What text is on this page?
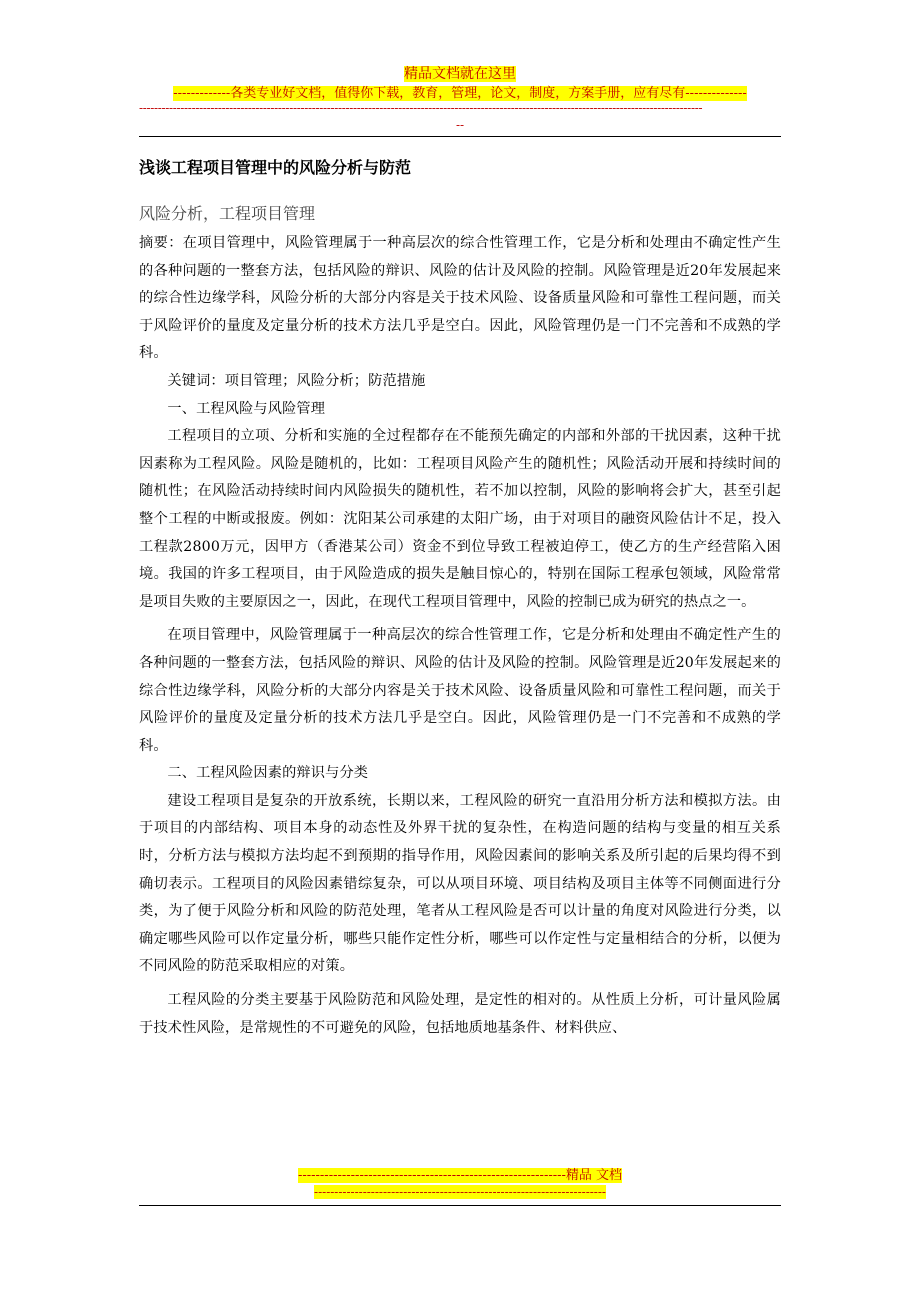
精品文档就在这里
-------------各类专业好文档，值得你下载，教育，管理，论文，制度，方案手册，应有尽有--------------
------------------------------------------------------------------------------------------------------------------------------------------------------
--
浅谈工程项目管理中的风险分析与防范
风险分析，工程项目管理

摘要：在项目管理中，风险管理属于一种高层次的综合性管理工作，它是分析和处理由不确定性产生的各种问题的一整套方法，包括风险的辩识、风险的估计及风险的控制。风险管理是近20年发展起来的综合性边缘学科，风险分析的大部分内容是关于技术风险、设备质量风险和可靠性工程问题，而关于风险评价的量度及定量分析的技术方法几乎是空白。因此，风险管理仍是一门不完善和不成熟的学科。

关键词：项目管理；风险分析；防范措施

一、工程风险与风险管理

工程项目的立项、分析和实施的全过程都存在不能预先确定的内部和外部的干扰因素，这种干扰因素称为工程风险。风险是随机的，比如：工程项目风险产生的随机性；风险活动开展和持续时间的随机性；在风险活动持续时间内风险损失的随机性，若不加以控制，风险的影响将会扩大，甚至引起整个工程的中断或报废。例如：沈阳某公司承建的太阳广场，由于对项目的融资风险估计不足，投入工程款2800万元，因甲方（香港某公司）资金不到位导致工程被迫停工，使乙方的生产经营陷入困境。我国的许多工程项目，由于风险造成的损失是触目惊心的，特别在国际工程承包领域，风险常常是项目失败的主要原因之一，因此，在现代工程项目管理中，风险的控制已成为研究的热点之一。

在项目管理中，风险管理属于一种高层次的综合性管理工作，它是分析和处理由不确定性产生的各种问题的一整套方法，包括风险的辩识、风险的估计及风险的控制。风险管理是近20年发展起来的综合性边缘学科，风险分析的大部分内容是关于技术风险、设备质量风险和可靠性工程问题，而关于风险评价的量度及定量分析的技术方法几乎是空白。因此，风险管理仍是一门不完善和不成熟的学科。

二、工程风险因素的辩识与分类

建设工程项目是复杂的开放系统，长期以来，工程风险的研究一直沿用分析方法和模拟方法。由于项目的内部结构、项目本身的动态性及外界干扰的复杂性，在构造问题的结构与变量的相互关系时，分析方法与模拟方法均起不到预期的指导作用，风险因素间的影响关系及所引起的后果均得不到确切表示。工程项目的风险因素错综复杂，可以从项目环境、项目结构及项目主体等不同侧面进行分类，为了便于风险分析和风险的防范处理，笔者从工程风险是否可以计量的角度对风险进行分类，以确定哪些风险可以作定量分析，哪些只能作定性分析，哪些可以作定性与定量相结合的分析，以便为不同风险的防范采取相应的对策。

工程风险的分类主要基于风险防范和风险处理，是定性的相对的。从性质上分析，可计量风险属于技术性风险，是常规性的不可避免的风险，包括地质地基条件、材料供应、

-------------------------------------------------------------精品 文档
------------------------------------------------------------------------
